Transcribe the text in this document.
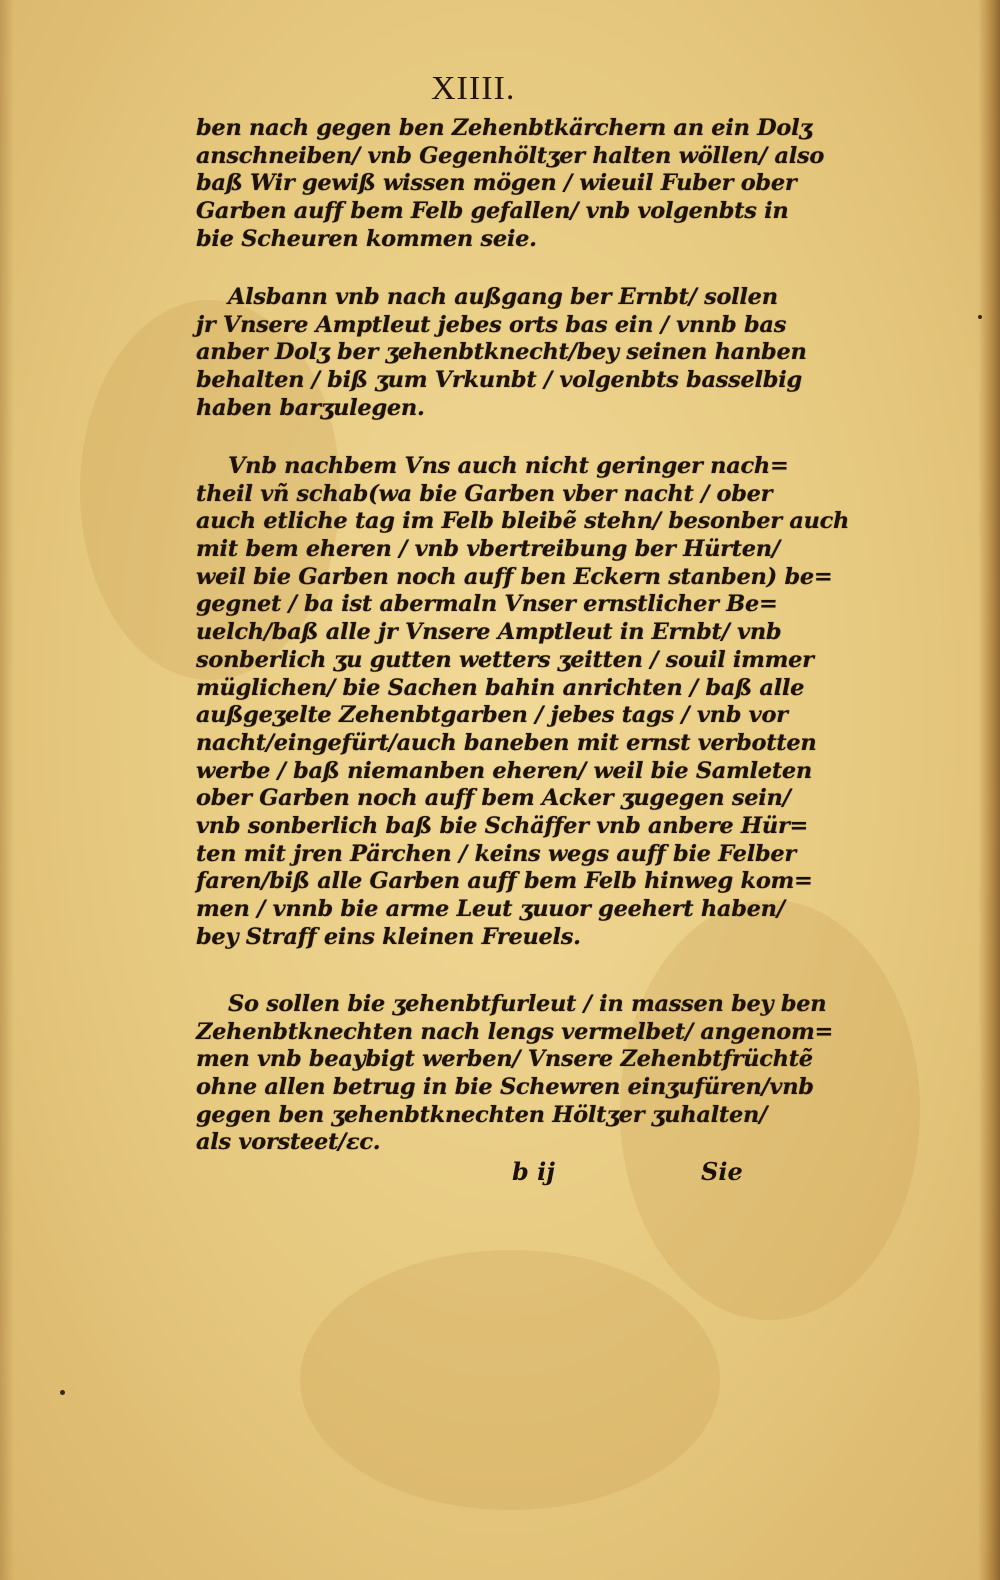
XIIII.
ben nach gegen ben Zehenbtkärchern an ein Dolʒ
anschneiben/ vnb Gegenhöltʒer halten wöllen/ also
baß Wir gewiß wissen mögen / wieuil Fuber ober
Garben auff bem Felb gefallen/ vnb volgenbts in
bie Scheuren kommen seie.
Alsbann vnb nach außgang ber Ernbt/ sollen
jr Vnsere Amptleut jebes orts bas ein / vnnb bas
anber Dolʒ ber ʒehenbtknecht/bey seinen hanben
behalten / biß ʒum Vrkunbt / volgenbts basselbig
haben barʒulegen.
Vnb nachbem Vns auch nicht geringer nach=
theil vñ schab(wa bie Garben vber nacht / ober
auch etliche tag im Felb bleibẽ stehn/ besonber auch
mit bem eheren / vnb vbertreibung ber Hürten/
weil bie Garben noch auff ben Eckern stanben) be=
gegnet / ba ist abermaln Vnser ernstlicher Be=
uelch/baß alle jr Vnsere Amptleut in Ernbt/ vnb
sonberlich ʒu gutten wetters ʒeitten / souil immer
müglichen/ bie Sachen bahin anrichten / baß alle
außgeʒelte Zehenbtgarben / jebes tags / vnb vor
nacht/eingefürt/auch baneben mit ernst verbotten
werbe / baß niemanben eheren/ weil bie Samleten
ober Garben noch auff bem Acker ʒugegen sein/
vnb sonberlich baß bie Schäffer vnb anbere Hür=
ten mit jren Pärchen / keins wegs auff bie Felber
faren/biß alle Garben auff bem Felb hinweg kom=
men / vnnb bie arme Leut ʒuuor geehert haben/
bey Straff eins kleinen Freuels.
So sollen bie ʒehenbtfurleut / in massen bey ben
Zehenbtknechten nach lengs vermelbet/ angenom=
men vnb beaybigt werben/ Vnsere Zehenbtfrüchtẽ
ohne allen betrug in bie Schewren einʒufüren/vnb
gegen ben ʒehenbtknechten Höltʒer ʒuhalten/
als vorsteet/ɛc.
b ij	Sie
